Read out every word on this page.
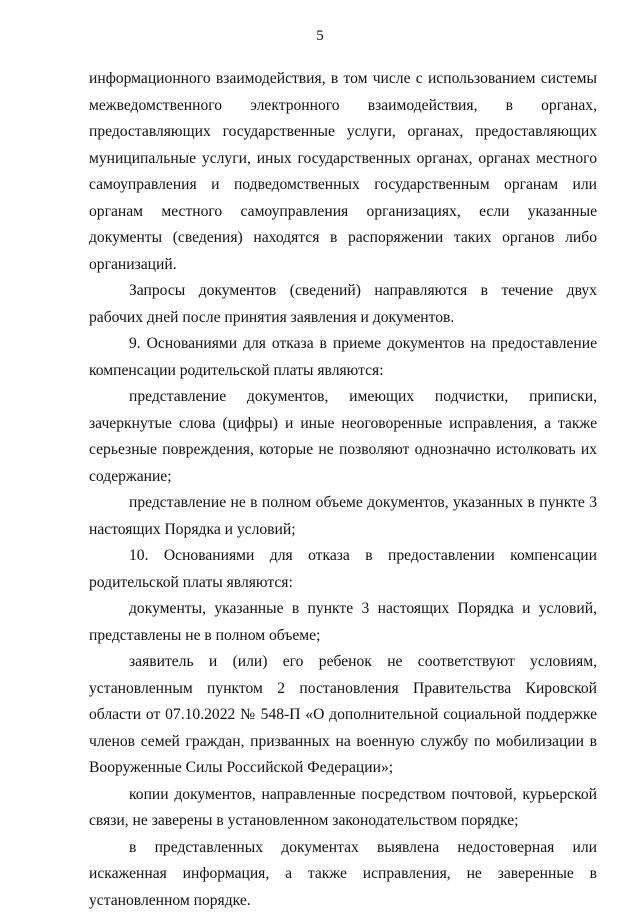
5

информационного взаимодействия, в том числе с использованием системы межведомственного электронного взаимодействия, в органах, предоставляющих государственные услуги, органах, предоставляющих муниципальные услуги, иных государственных органах, органах местного самоуправления и подведомственных государственным органам или органам местного самоуправления организациях, если указанные документы (сведения) находятся в распоряжении таких органов либо организаций.

Запросы документов (сведений) направляются в течение двух рабочих дней после принятия заявления и документов.

9. Основаниями для отказа в приеме документов на предоставление компенсации родительской платы являются:

представление документов, имеющих подчистки, приписки, зачеркнутые слова (цифры) и иные неоговоренные исправления, а также серьезные повреждения, которые не позволяют однозначно истолковать их содержание;

представление не в полном объеме документов, указанных в пункте 3 настоящих Порядка и условий;

10. Основаниями для отказа в предоставлении компенсации родительской платы являются:

документы, указанные в пункте 3 настоящих Порядка и условий, представлены не в полном объеме;

заявитель и (или) его ребенок не соответствуют условиям, установленным пунктом 2 постановления Правительства Кировской области от 07.10.2022 № 548-П «О дополнительной социальной поддержке членов семей граждан, призванных на военную службу по мобилизации в Вооруженные Силы Российской Федерации»;

копии документов, направленные посредством почтовой, курьерской связи, не заверены в установленном законодательством порядке;

в представленных документах выявлена недостоверная или искаженная информация, а также исправления, не заверенные в установленном порядке.
